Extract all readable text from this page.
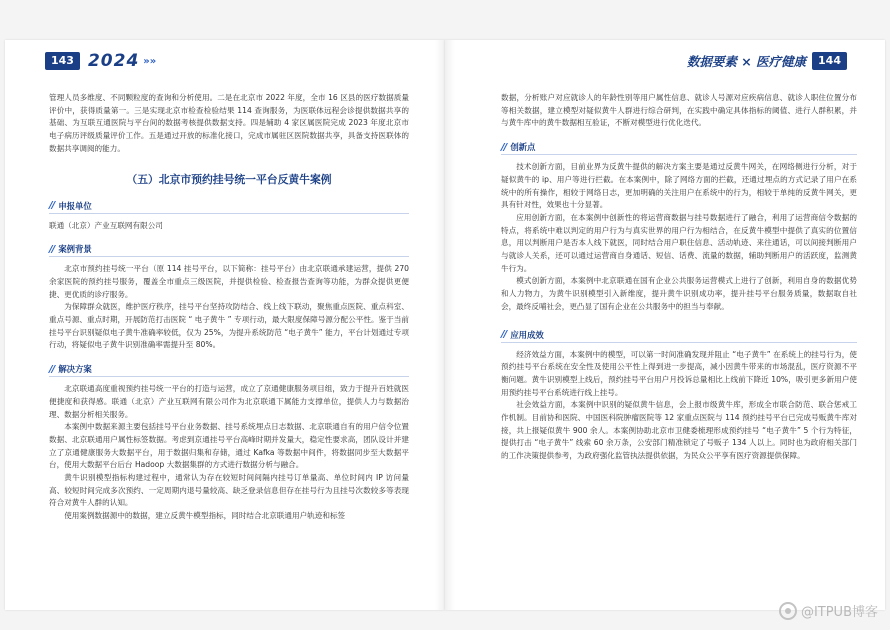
143 2024 »»

管理人员多维度、不同颗粒度的查询和分析使用。二是在北京市 2022 年度，全市 16 区县的医疗数据质量评价中，获得质量第一。三是实现北京市检查检验结果 114 查询服务，为医联体远程会诊提供数据共享的基础、为互联互通医院与平台间的数据考核提供数据支持。四是辅助 4 家区属医院完成 2023 年度北京市电子病历评级质量评价工作。五是通过开放的标准化接口，完成市属驻区医院数据共享，具备支持医联体的数据共享调阅的能力。

（五）北京市预约挂号统一平台反黄牛案例
// 申报单位

联通（北京）产业互联网有限公司

// 案例背景

北京市预约挂号统一平台（原 114 挂号平台，以下简称：挂号平台）由北京联通承建运营，提供 270 余家医院的预约挂号服务，覆盖全市重点三级医院，并提供检验、检查报告查询等功能，为群众提供更便捷、更优质的诊疗服务。

为保障群众就医，维护医疗秩序，挂号平台坚持攻防结合、线上线下联动，聚焦重点医院、重点科室、重点号源、重点时期，开展防范打击医院 “ 电子黄牛 ” 专项行动，最大限度保障号源分配公平性。鉴于当前挂号平台识别疑似电子黄牛准确率较低，仅为 25%，为提升系统防范 “电子黄牛” 能力，平台计划通过专项行动，将疑似电子黄牛识别准确率需提升至 80%。

// 解决方案

北京联通高度重视预约挂号统一平台的打造与运营，成立了京通健康服务项目组，致力于提升百姓就医便捷度和获得感。联通（北京）产业互联网有限公司作为北京联通下属能力支撑单位，提供人力与数据治理、数据分析相关服务。

本案例中数据来源主要包括挂号平台业务数据、挂号系统埋点日志数据、北京联通自有的用户信令位置数据、北京联通用户属性标签数据。考虑到京通挂号平台高峰时期并发量大，稳定性要求高，团队设计并建立了京通健康服务大数据平台，用于数据归集和存储，通过 Kafka 等数据中间件，将数据同步至大数据平台，使用大数据平台后台 Hadoop 大数据集群的方式进行数据分析与融合。

黄牛识别模型指标构建过程中，通常认为存在较短时间间隔内挂号订单量高、单位时间内 IP 访问量高、较短时间完成多次预约、一定周期内退号量较高、缺乏登录信息但存在挂号行为且挂号次数较多等表现符合对黄牛人群的认知。

使用案例数据源中的数据，建立反黄牛模型指标，同时结合北京联通用户轨迹和标签

数据要素 × 医疗健康	144

数据，分析账户对应就诊人的年龄性别等用户属性信息、就诊人号源对应疾病信息、就诊人职住位置分布等相关数据，建立模型对疑似黄牛人群进行综合研判，在实践中确定具体指标的阈值、进行人群积累，并与黄牛库中的黄牛数据相互验证，不断对模型进行优化迭代。

// 创新点

技术创新方面，目前业界为反黄牛提供的解决方案主要是通过反黄牛网关，在网络侧进行分析，对于疑似黄牛的 ip、用户等进行拦截。在本案例中，除了网络方面的拦截，还通过埋点的方式记录了用户在系统中的所有操作，相较于网络日志，更加明确的关注用户在系统中的行为，相较于单纯的反黄牛网关，更具有针对性，效果也十分显著。

应用创新方面，在本案例中创新性的将运营商数据与挂号数据进行了融合，利用了运营商信令数据的特点，将系统中难以判定的用户行为与真实世界的用户行为相结合，在反黄牛模型中提供了真实的位置信息，用以判断用户是否本人线下就医，同时结合用户职住信息、活动轨迹、来往通话，可以间接判断用户与就诊人关系，还可以通过运营商自身通话、短信、话费、流量的数据，辅助判断用户的活跃度，监测黄牛行为。

模式创新方面，本案例中北京联通在国有企业公共服务运营模式上进行了创新，利用自身的数据优势和人力物力，为黄牛识别模型引入新维度，提升黄牛识别成功率，提升挂号平台服务质量，数据取自社会，最终反哺社会，更凸显了国有企业在公共服务中的担当与奉献。

// 应用成效

经济效益方面，本案例中的模型，可以第一时间准确发现并阻止 “电子黄牛” 在系统上的挂号行为，使预约挂号平台系统在安全性及使用公平性上得到进一步提高，减小因黄牛带来的市场混乱，医疗资源不平衡问题。黄牛识别模型上线后，预约挂号平台用户月投诉总量相比上线前下降近 10%，吸引更多新用户使用预约挂号平台系统进行线上挂号。

社会效益方面，本案例中识别的疑似黄牛信息，会上报市级黄牛库，形成全市联合防范、联合惩戒工作机制。目前协和医院、中国医科院肿瘤医院等 12 家重点医院与 114 预约挂号平台已完成号贩黄牛库对接，共上报疑似黄牛 900 余人。本案例协助北京市卫健委梳理形成预约挂号 “电子黄牛” 5 个行为特征，提供打击 “电子黄牛” 线索 60 余万条，公安部门精准锁定了号贩子 134 人以上。同时也为政府相关部门的工作决策提供参考，为政府强化监管执法提供依据，为民众公平享有医疗资源提供保障。

@ITPUB博客
